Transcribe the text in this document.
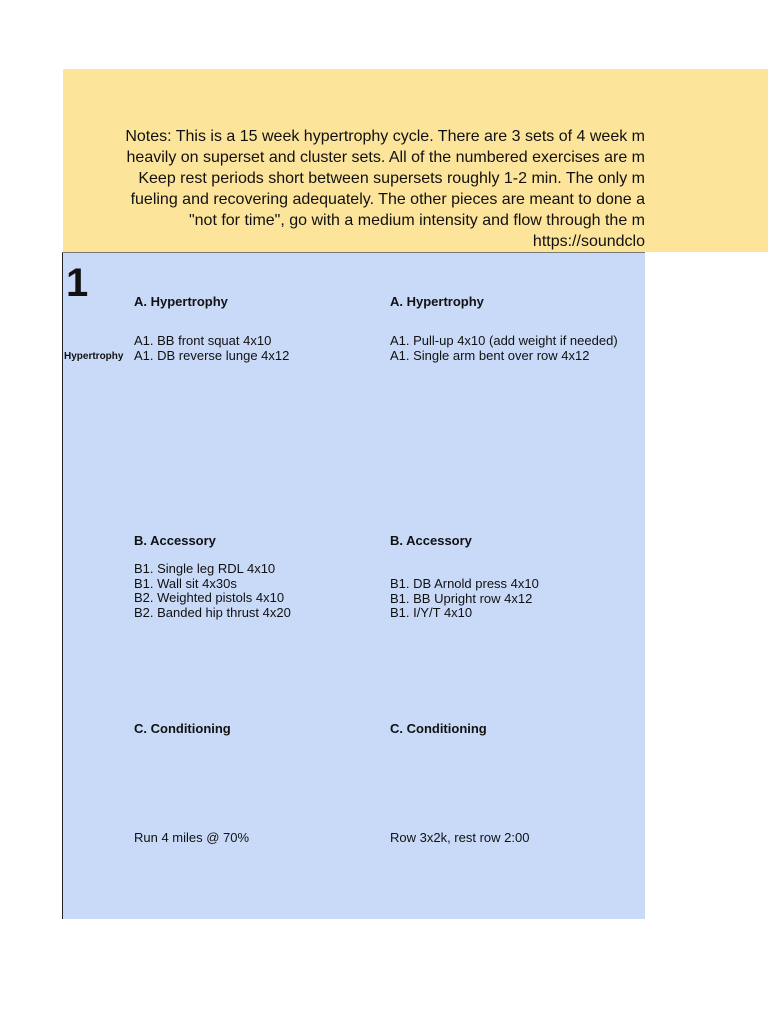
Notes: This is a 15 week hypertrophy cycle. There are 3 sets of 4 week m
heavily on superset and cluster sets. All of the numbered exercises are m
Keep rest periods short between supersets roughly 1-2 min. The only m
fueling and recovering adequately. The other pieces are meant to done a
"not for time", go with a medium intensity and flow through the m
https://soundclo
1
Hypertrophy
A. Hypertrophy
A1. BB front squat 4x10
A1. DB reverse lunge 4x12
B. Accessory
B1. Single leg RDL 4x10
B1. Wall sit 4x30s
B2. Weighted pistols 4x10
B2. Banded hip thrust 4x20
C. Conditioning
Run 4 miles @ 70%
A. Hypertrophy
A1. Pull-up 4x10 (add weight if needed)
A1. Single arm bent over row 4x12
B. Accessory
B1. DB Arnold press 4x10
B1. BB Upright row 4x12
B1. I/Y/T 4x10
C. Conditioning
Row 3x2k, rest row 2:00
